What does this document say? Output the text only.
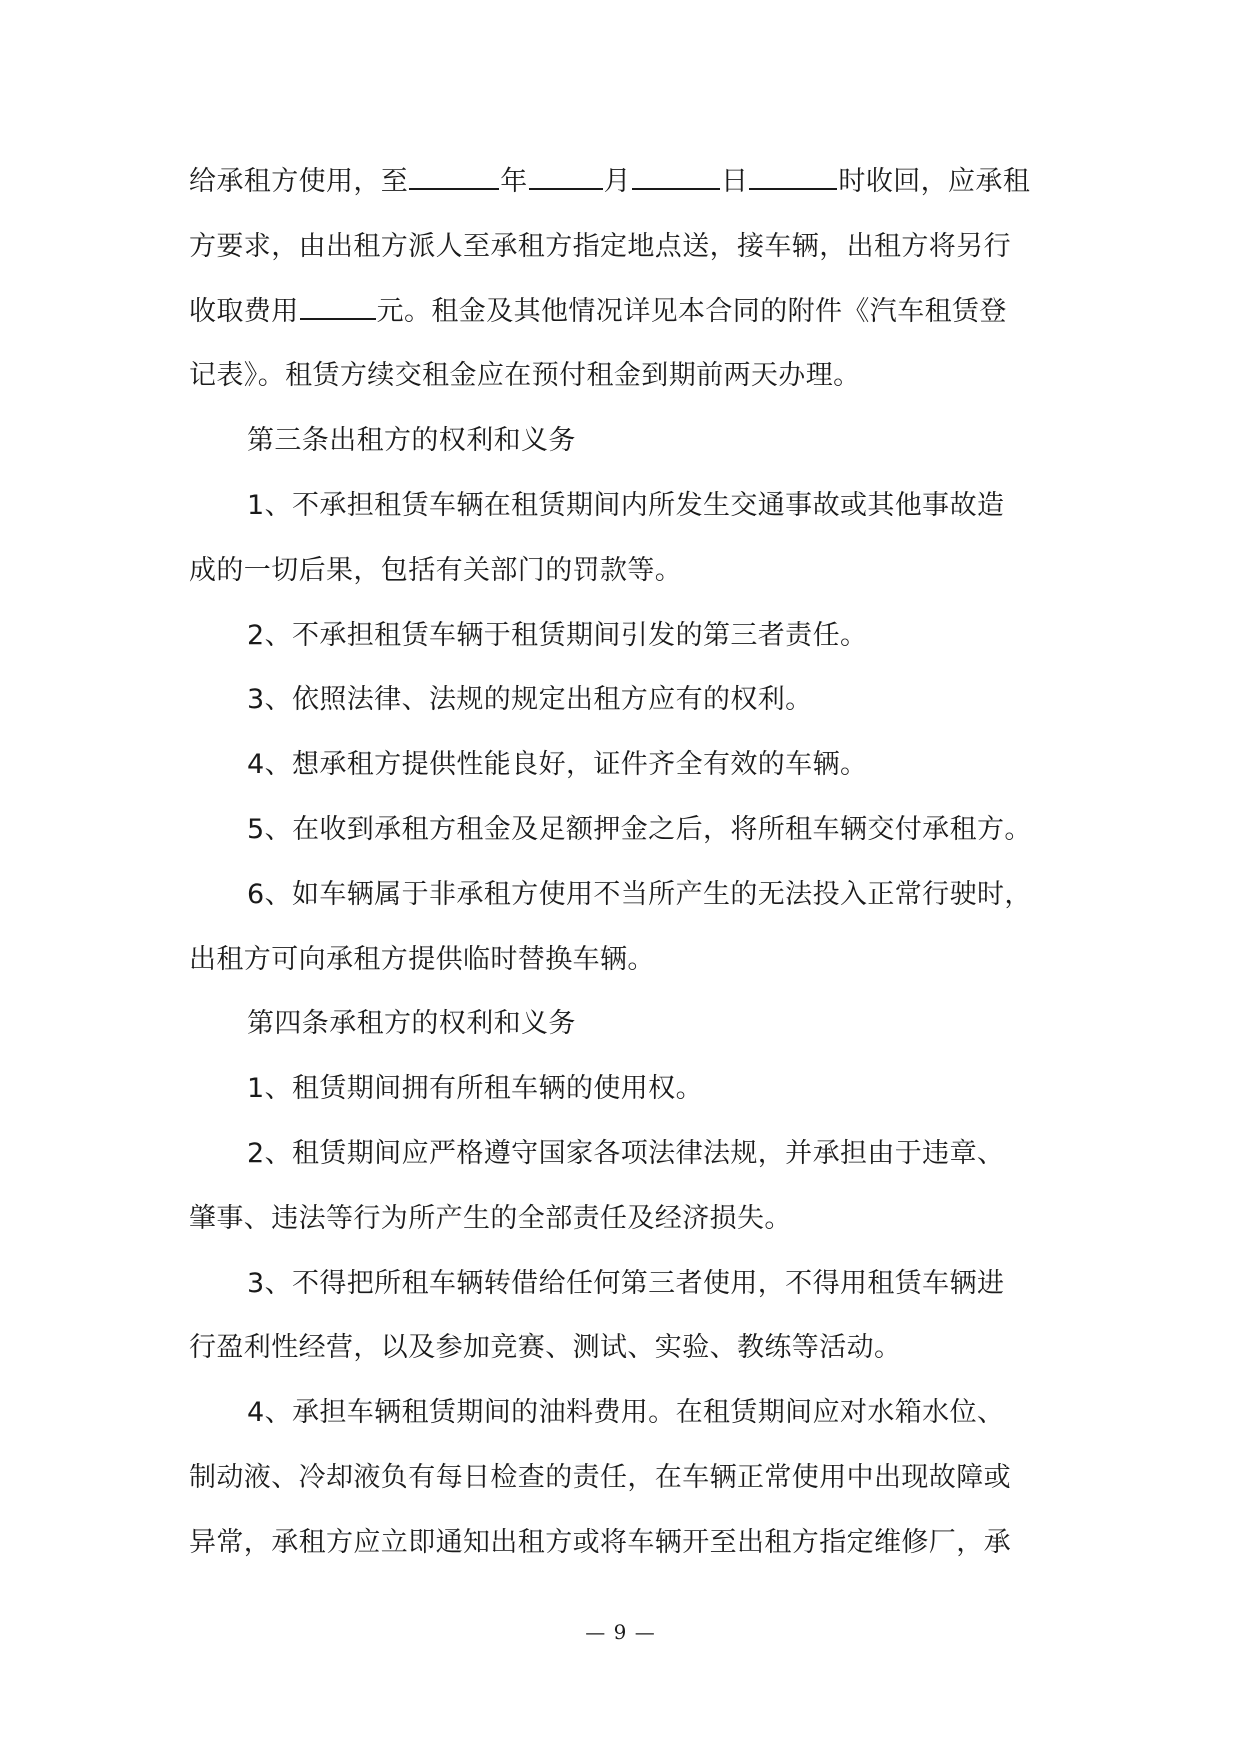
给承租方使用，至	年	月	日	时收回，应承租
方要求，由出租方派人至承租方指定地点送，接车辆，出租方将另行
收取费用	元。租金及其他情况详见本合同的附件《汽车租赁登
记表》。租赁方续交租金应在预付租金到期前两天办理。
第三条出租方的权利和义务
1、不承担租赁车辆在租赁期间内所发生交通事故或其他事故造
成的一切后果，包括有关部门的罚款等。
2、不承担租赁车辆于租赁期间引发的第三者责任。
3、依照法律、法规的规定出租方应有的权利。
4、想承租方提供性能良好，证件齐全有效的车辆。
5、在收到承租方租金及足额押金之后，将所租车辆交付承租方。
6、如车辆属于非承租方使用不当所产生的无法投入正常行驶时，
出租方可向承租方提供临时替换车辆。
第四条承租方的权利和义务
1、租赁期间拥有所租车辆的使用权。
2、租赁期间应严格遵守国家各项法律法规，并承担由于违章、
肇事、违法等行为所产生的全部责任及经济损失。
3、不得把所租车辆转借给任何第三者使用，不得用租赁车辆进
行盈利性经营，以及参加竞赛、测试、实验、教练等活动。
4、承担车辆租赁期间的油料费用。在租赁期间应对水箱水位、
制动液、冷却液负有每日检查的责任，在车辆正常使用中出现故障或
异常，承租方应立即通知出租方或将车辆开至出租方指定维修厂，承
— 9 —
